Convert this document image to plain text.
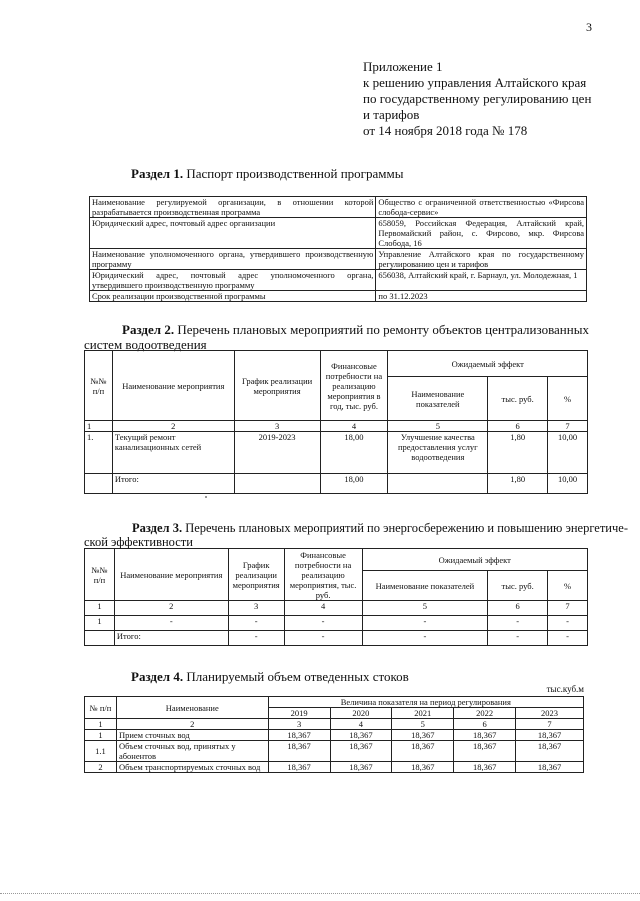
3
Приложение 1
к решению управления Алтайского края
по государственному регулированию цен
и тарифов
от 14 ноября 2018 года № 178
Раздел 1. Паспорт производственной программы
Наименование регулируемой организации, в отношении которой разрабатывается производственная программа	Общество с ограниченной ответственностью «Фирсова слобода-сервис»
Юридический адрес, почтовый адрес организации	658059, Российская Федерация, Алтайский край, Первомайский район, с. Фирсово, мкр. Фирсова Слобода, 16
Наименование уполномоченного органа, утвердившего производственную программу	Управление Алтайского края по государственному регулированию цен и тарифов
Юридический адрес, почтовый адрес уполномоченного органа, утвердившего производственную программу	656038, Алтайский край, г. Барнаул, ул. Молодежная, 1
Срок реализации производственной программы	по 31.12.2023
Раздел 2. Перечень плановых мероприятий по ремонту объектов централизованных
систем водоотведения
№№ п/п	Наименование мероприятия	График реализации мероприятия	Финансовые потребности на реализацию мероприятия в год, тыс. руб.	Ожидаемый эффект		
				Наименование показателей	тыс. руб.	%
1	2	3	4	5	6	7
1.	Текущий ремонт канализационных сетей	2019-2023	18,00	Улучшение качества предоставления услуг водоотведения	1,80	10,00
	Итого:		18,00		1,80	10,00
Раздел 3. Перечень плановых мероприятий по энергосбережению и повышению энергетиче-
ской эффективности
№№ п/п	Наименование мероприятия	График реализации мероприятия	Финансовые потребности на реализацию мероприятия, тыс. руб.	Ожидаемый эффект		
				Наименование показателей	тыс. руб.	%
1	2	3	4	5	6	7
1	-	-	-	-	-	-
	Итого:	-	-	-	-	-
Раздел 4. Планируемый объем отведенных стоков
тыс.куб.м
№ п/п	Наименование	Величина показателя на период регулирования				
		2019	2020	2021	2022	2023
1	2	3	4	5	6	7
1	Прием сточных вод	18,367	18,367	18,367	18,367	18,367
1.1	Объем сточных вод, принятых у абонентов	18,367	18,367	18,367	18,367	18,367
2	Объем транспортируемых сточных вод	18,367	18,367	18,367	18,367	18,367
